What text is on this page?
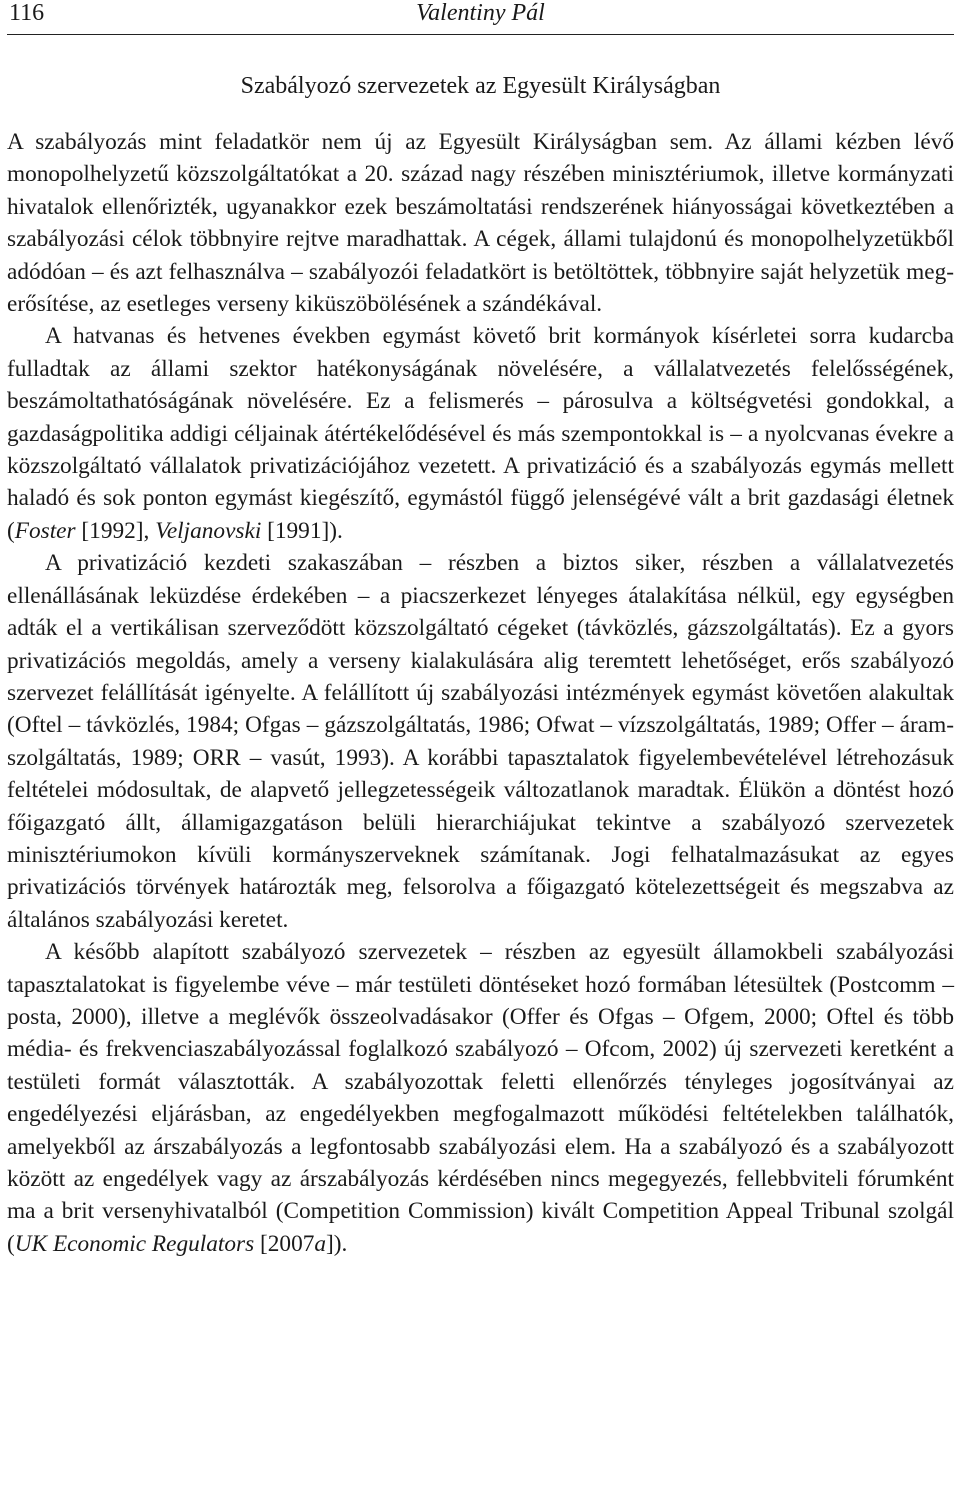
116	Valentiny Pál
Szabályozó szervezetek az Egyesült Királyságban

A szabályozás mint feladatkör nem új az Egyesült Királyságban sem. Az állami kézben lévő monopolhelyzetű közszolgáltatókat a 20. század nagy részében minisztériumok, illetve kormányzati hivatalok ellenőrizték, ugyanakkor ezek beszámoltatási rendszerének hiányosságai következtében a szabályozási célok többnyire rejtve maradhattak. A cégek, állami tulajdonú és monopolhelyzetükből adódóan – és azt felhasználva – szabályozói feladatkört is betöltöttek, többnyire saját helyzetük megerősítése, az esetleges verseny kiküszöbölésének a szándékával.

A hatvanas és hetvenes években egymást követő brit kormányok kísérletei sorra kudarcba fulladtak az állami szektor hatékonyságának növelésére, a vállalatvezetés felelősségének, beszámoltathatóságának növelésére. Ez a felismerés – párosulva a költségvetési gondokkal, a gazdaságpolitika addigi céljainak átértékelődésével és más szempontokkal is – a nyolcvanas évekre a közszolgáltató vállalatok privatizációjához vezetett. A privatizáció és a szabályozás egymás mellett haladó és sok ponton egymást kiegészítő, egymástól függő jelenségévé vált a brit gazdasági életnek (Foster [1992], Veljanovski [1991]).

A privatizáció kezdeti szakaszában – részben a biztos siker, részben a vállalatvezetés ellenállásának leküzdése érdekében – a piacszerkezet lényeges átalakítása nélkül, egy egységben adták el a vertikálisan szerveződött közszolgáltató cégeket (távközlés, gázszolgáltatás). Ez a gyors privatizációs megoldás, amely a verseny kialakulására alig teremtett lehetőséget, erős szabályozó szervezet felállítását igényelte. A felállított új szabályozási intézmények egymást követően alakultak (Oftel – távközlés, 1984; Ofgas – gázszolgáltatás, 1986; Ofwat – vízszolgáltatás, 1989; Offer – áramszolgáltatás, 1989; ORR – vasút, 1993). A korábbi tapasztalatok figyelembevételével létrehozásuk feltételei módosultak, de alapvető jellegzetességeik változatlanok maradtak. Élükön a döntést hozó főigazgató állt, államigazgatáson belüli hierarchiájukat tekintve a szabályozó szervezetek minisztériumokon kívüli kormányszerveknek számítanak. Jogi felhatalmazásukat az egyes privatizációs törvények határozták meg, felsorolva a főigazgató kötelezettségeit és megszabva az általános szabályozási keretet.

A később alapított szabályozó szervezetek – részben az egyesült államokbeli szabályozási tapasztalatokat is figyelembe véve – már testületi döntéseket hozó formában létesültek (Postcomm – posta, 2000), illetve a meglévők összeolvadásakor (Offer és Ofgas – Ofgem, 2000; Oftel és több média- és frekvenciaszabályozással foglalkozó szabályozó – Ofcom, 2002) új szervezeti keretként a testületi formát választották. A szabályozottak feletti ellenőrzés tényleges jogosítványai az engedélyezési eljárásban, az engedélyekben megfogalmazott működési feltételekben találhatók, amelyekből az árszabályozás a legfontosabb szabályozási elem. Ha a szabályozó és a szabályozott között az engedélyek vagy az árszabályozás kérdésében nincs megegyezés, fellebbviteli fórumként ma a brit versenyhivatalból (Competition Commission) kivált Competition Appeal Tribunal szolgál (UK Economic Regulators [2007a]).
